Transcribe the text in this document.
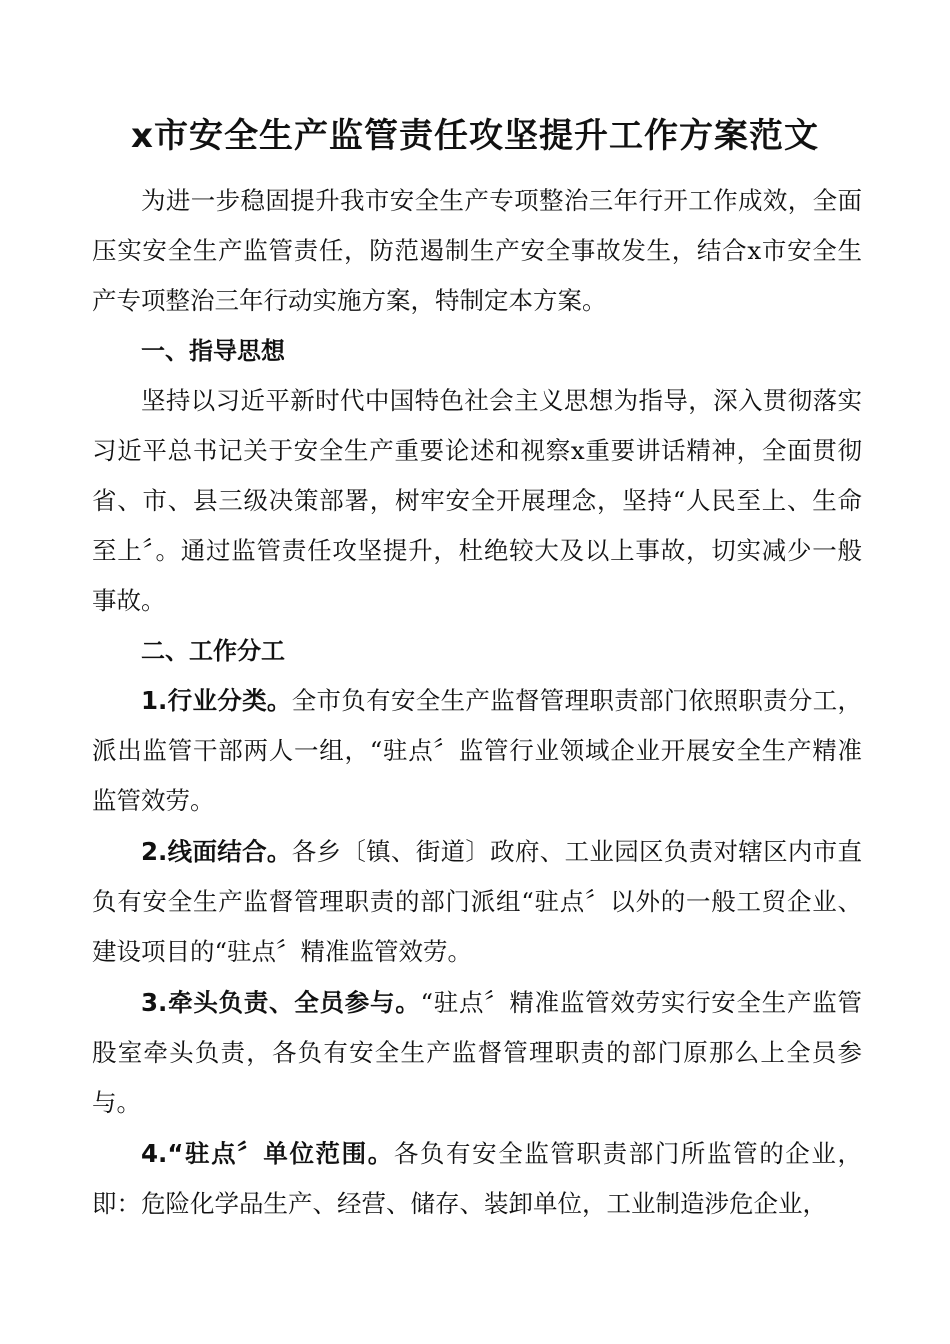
x市安全生产监管责任攻坚提升工作方案范文

为进一步稳固提升我市安全生产专项整治三年行开工作成效，全面压实安全生产监管责任，防范遏制生产安全事故发生，结合x市安全生产专项整治三年行动实施方案，特制定本方案。

一、指导思想

坚持以习近平新时代中国特色社会主义思想为指导，深入贯彻落实习近平总书记关于安全生产重要论述和视察x重要讲话精神，全面贯彻省、市、县三级决策部署，树牢安全开展理念，坚持“人民至上、生命至上〞。通过监管责任攻坚提升，杜绝较大及以上事故，切实减少一般事故。

二、工作分工

1.行业分类。全市负有安全生产监督管理职责部门依照职责分工，派出监管干部两人一组，“驻点〞监管行业领域企业开展安全生产精准监管效劳。

2.线面结合。各乡〔镇、街道〕政府、工业园区负责对辖区内市直负有安全生产监督管理职责的部门派组“驻点〞以外的一般工贸企业、建设项目的“驻点〞精准监管效劳。

3.牵头负责、全员参与。“驻点〞精准监管效劳实行安全生产监管股室牵头负责，各负有安全生产监督管理职责的部门原那么上全员参与。

4.“驻点〞单位范围。各负有安全监管职责部门所监管的企业，即：危险化学品生产、经营、储存、装卸单位，工业制造涉危企业，
